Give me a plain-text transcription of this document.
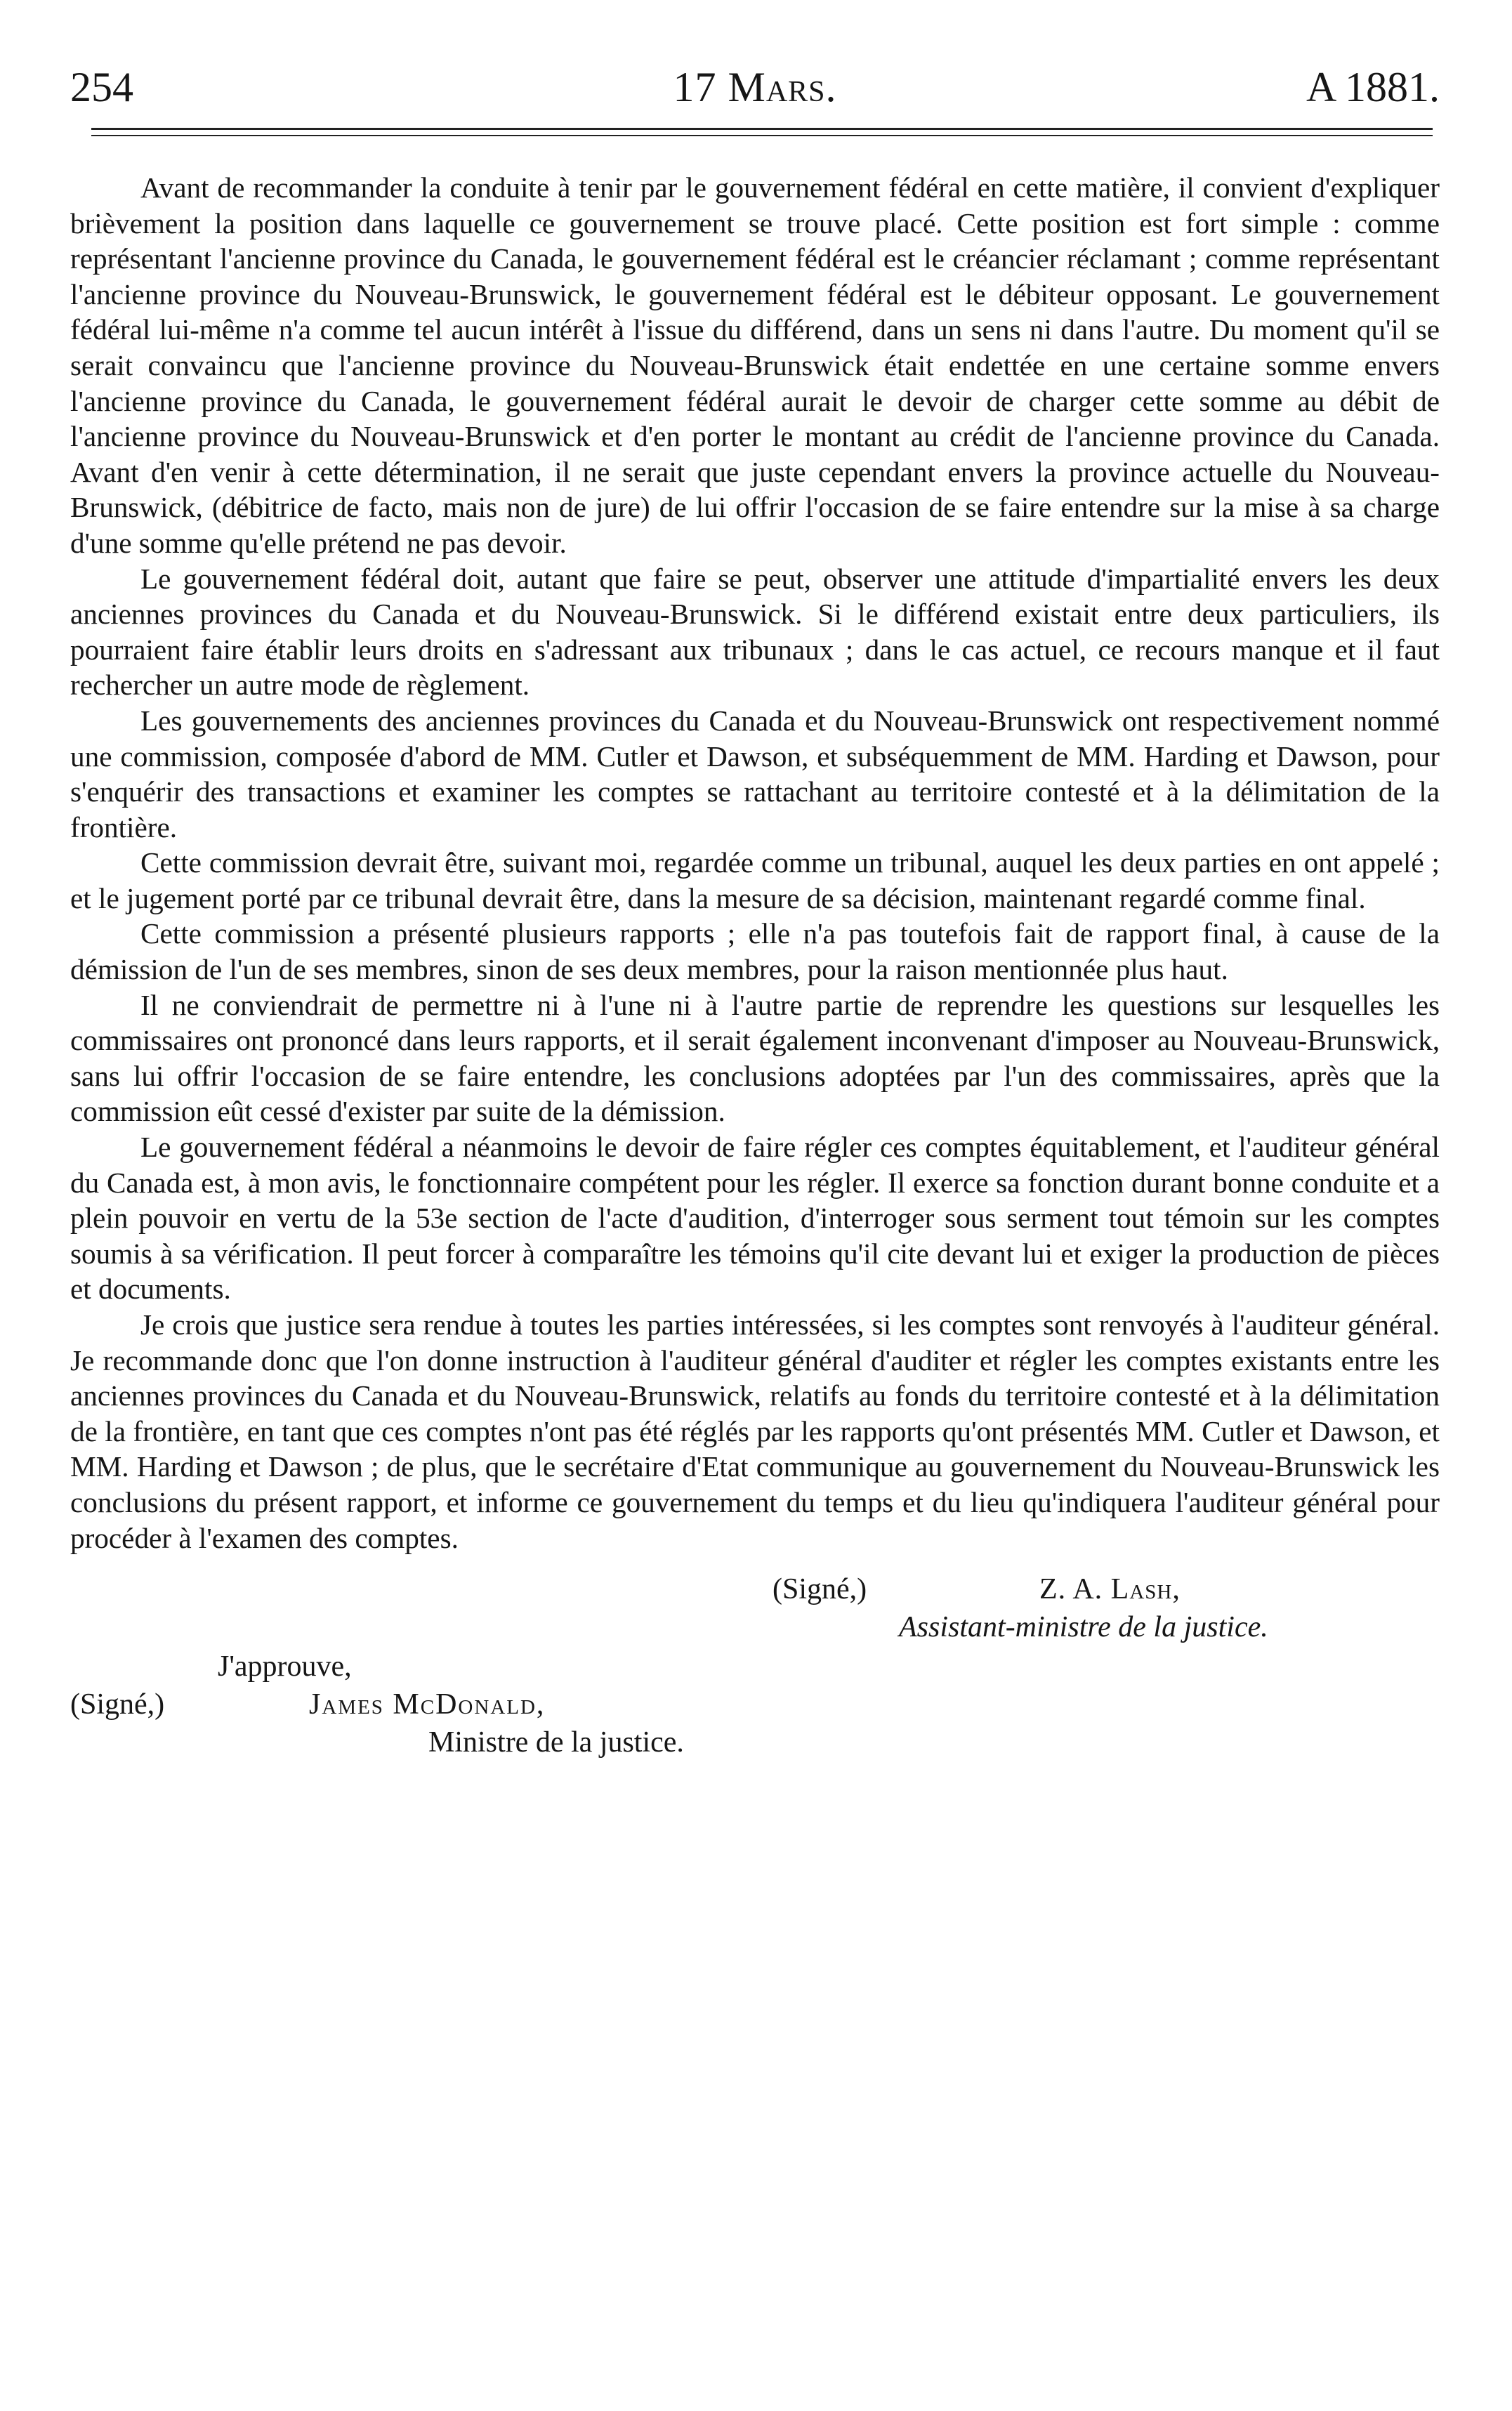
254	17 Mars.	A 1881.

Avant de recommander la conduite à tenir par le gouvernement fédéral en cette matière, il convient d'expliquer brièvement la position dans laquelle ce gouvernement se trouve placé. Cette position est fort simple : comme représentant l'ancienne province du Canada, le gouvernement fédéral est le créancier réclamant ; comme représentant l'ancienne province du Nouveau-Brunswick, le gouvernement fédéral est le débiteur opposant. Le gouvernement fédéral lui-même n'a comme tel aucun intérêt à l'issue du différend, dans un sens ni dans l'autre. Du moment qu'il se serait convaincu que l'ancienne province du Nouveau-Brunswick était endettée en une certaine somme envers l'ancienne province du Canada, le gouvernement fédéral aurait le devoir de charger cette somme au débit de l'ancienne province du Nouveau-Brunswick et d'en porter le montant au crédit de l'ancienne province du Canada. Avant d'en venir à cette détermination, il ne serait que juste cependant envers la province actuelle du Nouveau-Brunswick, (débitrice de facto, mais non de jure) de lui offrir l'occasion de se faire entendre sur la mise à sa charge d'une somme qu'elle prétend ne pas devoir.

Le gouvernement fédéral doit, autant que faire se peut, observer une attitude d'impartialité envers les deux anciennes provinces du Canada et du Nouveau-Brunswick. Si le différend existait entre deux particuliers, ils pourraient faire établir leurs droits en s'adressant aux tribunaux ; dans le cas actuel, ce recours manque et il faut rechercher un autre mode de règlement.

Les gouvernements des anciennes provinces du Canada et du Nouveau-Brunswick ont respectivement nommé une commission, composée d'abord de MM. Cutler et Dawson, et subséquemment de MM. Harding et Dawson, pour s'enquérir des transactions et examiner les comptes se rattachant au territoire contesté et à la délimitation de la frontière.

Cette commission devrait être, suivant moi, regardée comme un tribunal, auquel les deux parties en ont appelé ; et le jugement porté par ce tribunal devrait être, dans la mesure de sa décision, maintenant regardé comme final.

Cette commission a présenté plusieurs rapports ; elle n'a pas toutefois fait de rapport final, à cause de la démission de l'un de ses membres, sinon de ses deux membres, pour la raison mentionnée plus haut.

Il ne conviendrait de permettre ni à l'une ni à l'autre partie de reprendre les questions sur lesquelles les commissaires ont prononcé dans leurs rapports, et il serait également inconvenant d'imposer au Nouveau-Brunswick, sans lui offrir l'occasion de se faire entendre, les conclusions adoptées par l'un des commissaires, après que la commission eût cessé d'exister par suite de la démission.

Le gouvernement fédéral a néanmoins le devoir de faire régler ces comptes équitablement, et l'auditeur général du Canada est, à mon avis, le fonctionnaire compétent pour les régler. Il exerce sa fonction durant bonne conduite et a plein pouvoir en vertu de la 53e section de l'acte d'audition, d'interroger sous serment tout témoin sur les comptes soumis à sa vérification. Il peut forcer à comparaître les témoins qu'il cite devant lui et exiger la production de pièces et documents.

Je crois que justice sera rendue à toutes les parties intéressées, si les comptes sont renvoyés à l'auditeur général. Je recommande donc que l'on donne instruction à l'auditeur général d'auditer et régler les comptes existants entre les anciennes provinces du Canada et du Nouveau-Brunswick, relatifs au fonds du territoire contesté et à la délimitation de la frontière, en tant que ces comptes n'ont pas été réglés par les rapports qu'ont présentés MM. Cutler et Dawson, et MM. Harding et Dawson ; de plus, que le secrétaire d'Etat communique au gouvernement du Nouveau-Brunswick les conclusions du présent rapport, et informe ce gouvernement du temps et du lieu qu'indiquera l'auditeur général pour procéder à l'examen des comptes.

(Signé,)	Z. A. Lash,
Assistant-ministre de la justice.
J'approuve,
(Signé,)	James McDonald,
Ministre de la justice.
